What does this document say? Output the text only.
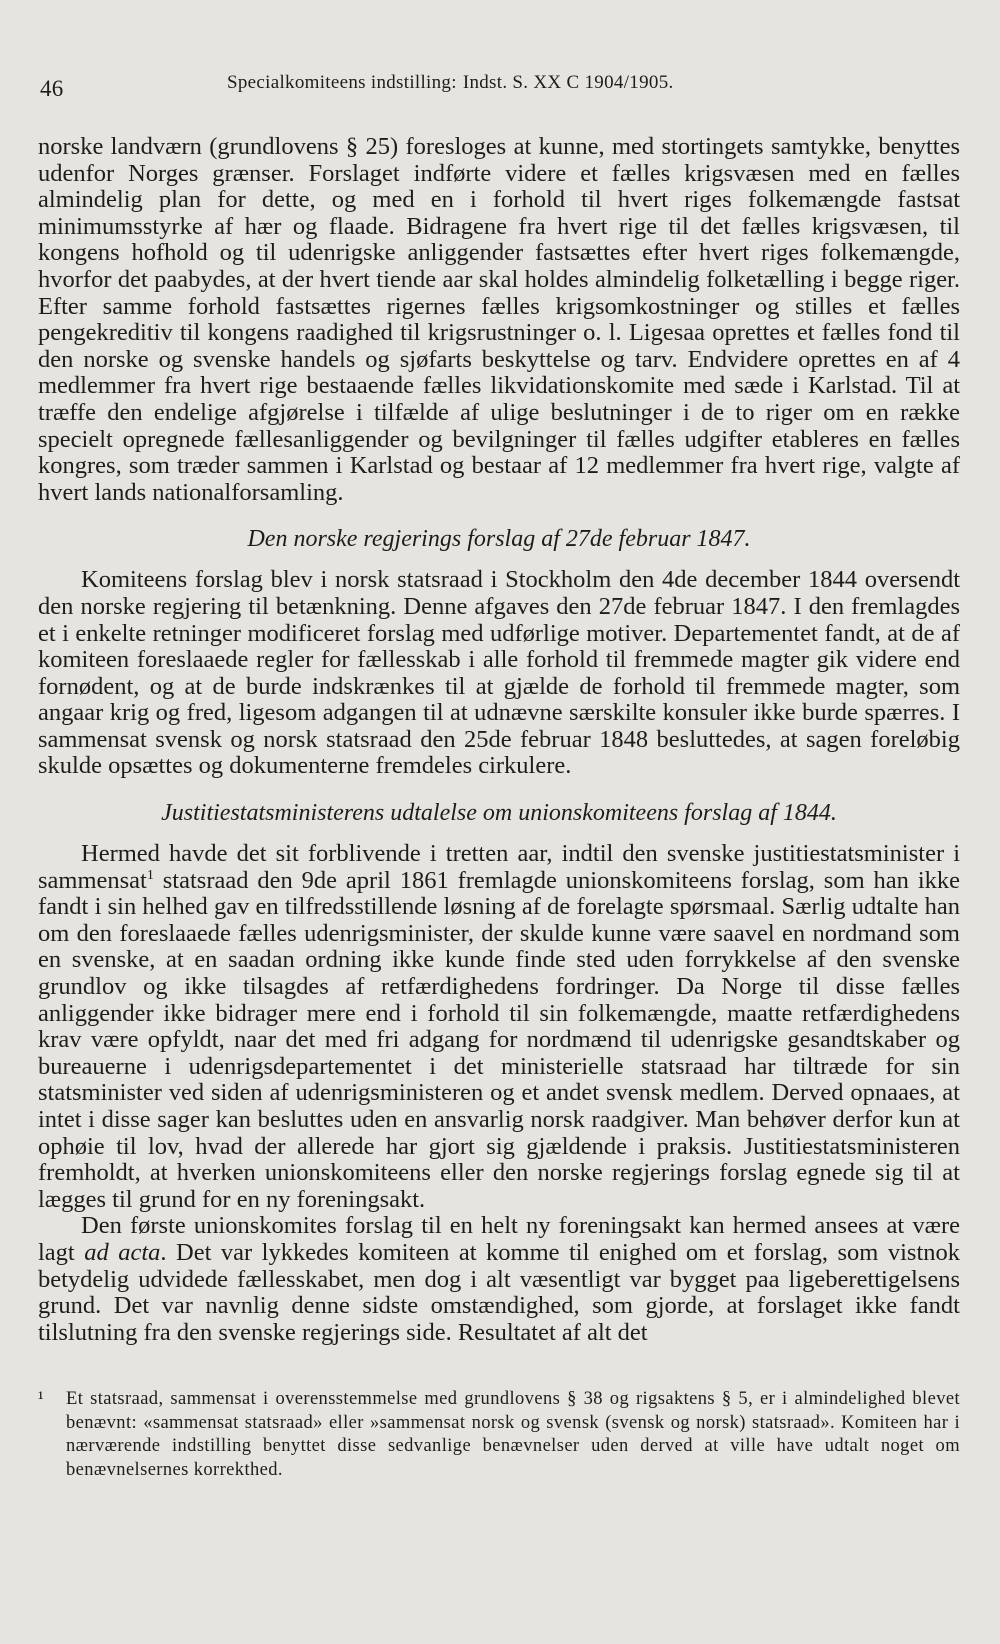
46	Specialkomiteens indstilling: Indst. S. XX C 1904/1905.

norske landværn (grundlovens § 25) foresloges at kunne, med stortingets samtykke, benyttes udenfor Norges grænser. Forslaget indførte videre et fælles krigsvæsen med en fælles almindelig plan for dette, og med en i forhold til hvert riges folkemængde fastsat minimumsstyrke af hær og flaade. Bidragene fra hvert rige til det fælles krigsvæsen, til kongens hofhold og til udenrigske anliggender fastsættes efter hvert riges folkemængde, hvorfor det paabydes, at der hvert tiende aar skal holdes almindelig folketælling i begge riger. Efter samme forhold fastsættes rigernes fælles krigsomkostninger og stilles et fælles pengekreditiv til kongens raadighed til krigsrustninger o. l. Ligesaa oprettes et fælles fond til den norske og svenske handels og sjøfarts beskyttelse og tarv. Endvidere oprettes en af 4 medlemmer fra hvert rige bestaaende fælles likvidationskomite med sæde i Karlstad. Til at træffe den endelige afgjørelse i tilfælde af ulige beslutninger i de to riger om en række specielt opregnede fællesanliggender og bevilgninger til fælles udgifter etableres en fælles kongres, som træder sammen i Karlstad og bestaar af 12 medlemmer fra hvert rige, valgte af hvert lands nationalforsamling.

Den norske regjerings forslag af 27de februar 1847.

Komiteens forslag blev i norsk statsraad i Stockholm den 4de december 1844 oversendt den norske regjering til betænkning. Denne afgaves den 27de februar 1847. I den fremlagdes et i enkelte retninger modificeret forslag med udførlige motiver. Departementet fandt, at de af komiteen foreslaaede regler for fællesskab i alle forhold til fremmede magter gik videre end fornødent, og at de burde indskrænkes til at gjælde de forhold til fremmede magter, som angaar krig og fred, ligesom adgangen til at udnævne særskilte konsuler ikke burde spærres. I sammensat svensk og norsk statsraad den 25de februar 1848 besluttedes, at sagen foreløbig skulde opsættes og dokumenterne fremdeles cirkulere.

Justitiestatsministerens udtalelse om unionskomiteens forslag af 1844.

Hermed havde det sit forblivende i tretten aar, indtil den svenske justitiestatsminister i sammensat$^1$ statsraad den 9de april 1861 fremlagde unionskomiteens forslag, som han ikke fandt i sin helhed gav en tilfredsstillende løsning af de forelagte spørsmaal. Særlig udtalte han om den foreslaaede fælles udenrigsminister, der skulde kunne være saavel en nordmand som en svenske, at en saadan ordning ikke kunde finde sted uden forrykkelse af den svenske grundlov og ikke tilsagdes af retfærdighedens fordringer. Da Norge til disse fælles anliggender ikke bidrager mere end i forhold til sin folkemængde, maatte retfærdighedens krav være opfyldt, naar det med fri adgang for nordmænd til udenrigske gesandtskaber og bureauerne i udenrigsdepartementet i det ministerielle statsraad har tiltræde for sin statsminister ved siden af udenrigsministeren og et andet svensk medlem. Derved opnaaes, at intet i disse sager kan besluttes uden en ansvarlig norsk raadgiver. Man behøver derfor kun at ophøie til lov, hvad der allerede har gjort sig gjældende i praksis. Justitiestatsministeren fremholdt, at hverken unionskomiteens eller den norske regjerings forslag egnede sig til at lægges til grund for en ny foreningsakt.

Den første unionskomites forslag til en helt ny foreningsakt kan hermed ansees at være lagt ad acta. Det var lykkedes komiteen at komme til enighed om et forslag, som vistnok betydelig udvidede fællesskabet, men dog i alt væsentligt var bygget paa ligeberettigelsens grund. Det var navnlig denne sidste omstændighed, som gjorde, at forslaget ikke fandt tilslutning fra den svenske regjerings side. Resultatet af alt det

¹ Et statsraad, sammensat i overensstemmelse med grundlovens § 38 og rigsaktens § 5, er i almindelighed blevet benævnt: «sammensat statsraad» eller »sammensat norsk og svensk (svensk og norsk) statsraad». Komiteen har i nærværende indstilling benyttet disse sedvanlige benævnelser uden derved at ville have udtalt noget om benævnelsernes korrekthed.
